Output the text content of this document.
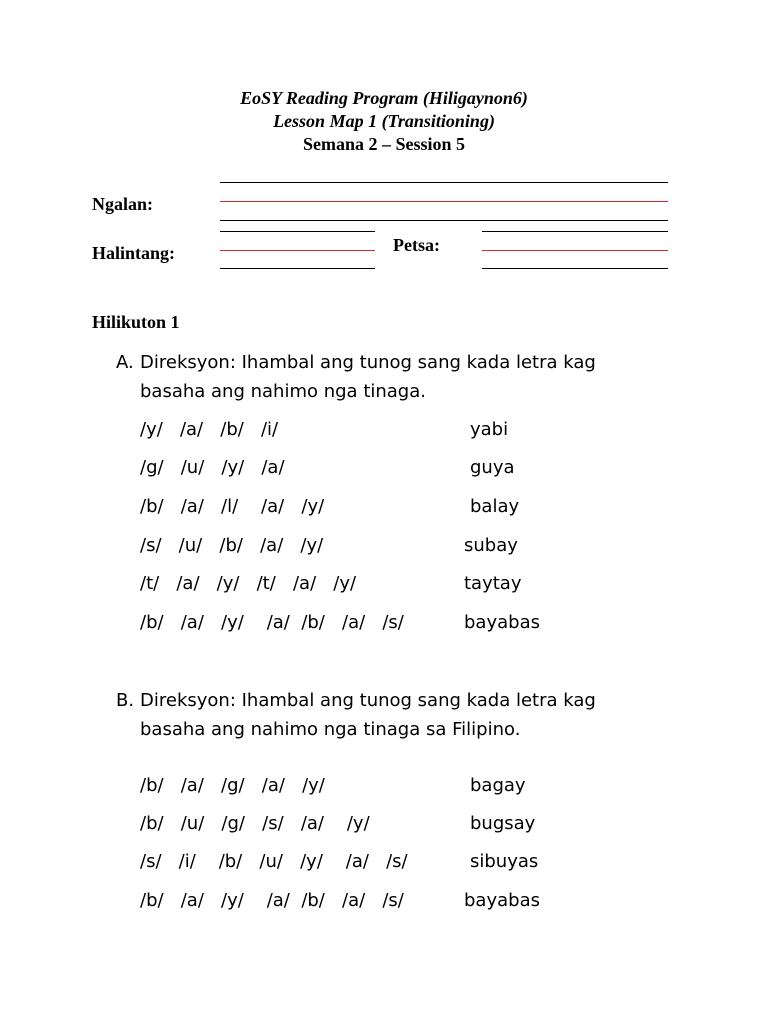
EoSY Reading Program (Hiligaynon6)
Lesson Map 1 (Transitioning)
Semana 2 – Session 5
Ngalan:
Halintang:	Petsa:
Hilikuton 1
A. Direksyon: Ihambal ang tunog sang kada letra kag
basaha ang nahimo nga tinaga.
/y/   /a/   /b/   /i/	yabi
/g/   /u/   /y/   /a/	guya
/b/   /a/   /l/    /a/   /y/	balay
/s/   /u/   /b/   /a/   /y/	subay
/t/   /a/   /y/   /t/   /a/   /y/	taytay
/b/   /a/   /y/    /a/  /b/   /a/   /s/	bayabas
B. Direksyon: Ihambal ang tunog sang kada letra kag
basaha ang nahimo nga tinaga sa Filipino.
/b/   /a/   /g/   /a/   /y/	bagay
/b/   /u/   /g/   /s/   /a/    /y/	bugsay
/s/   /i/    /b/   /u/   /y/    /a/   /s/	sibuyas
/b/   /a/   /y/    /a/  /b/   /a/   /s/	bayabas
